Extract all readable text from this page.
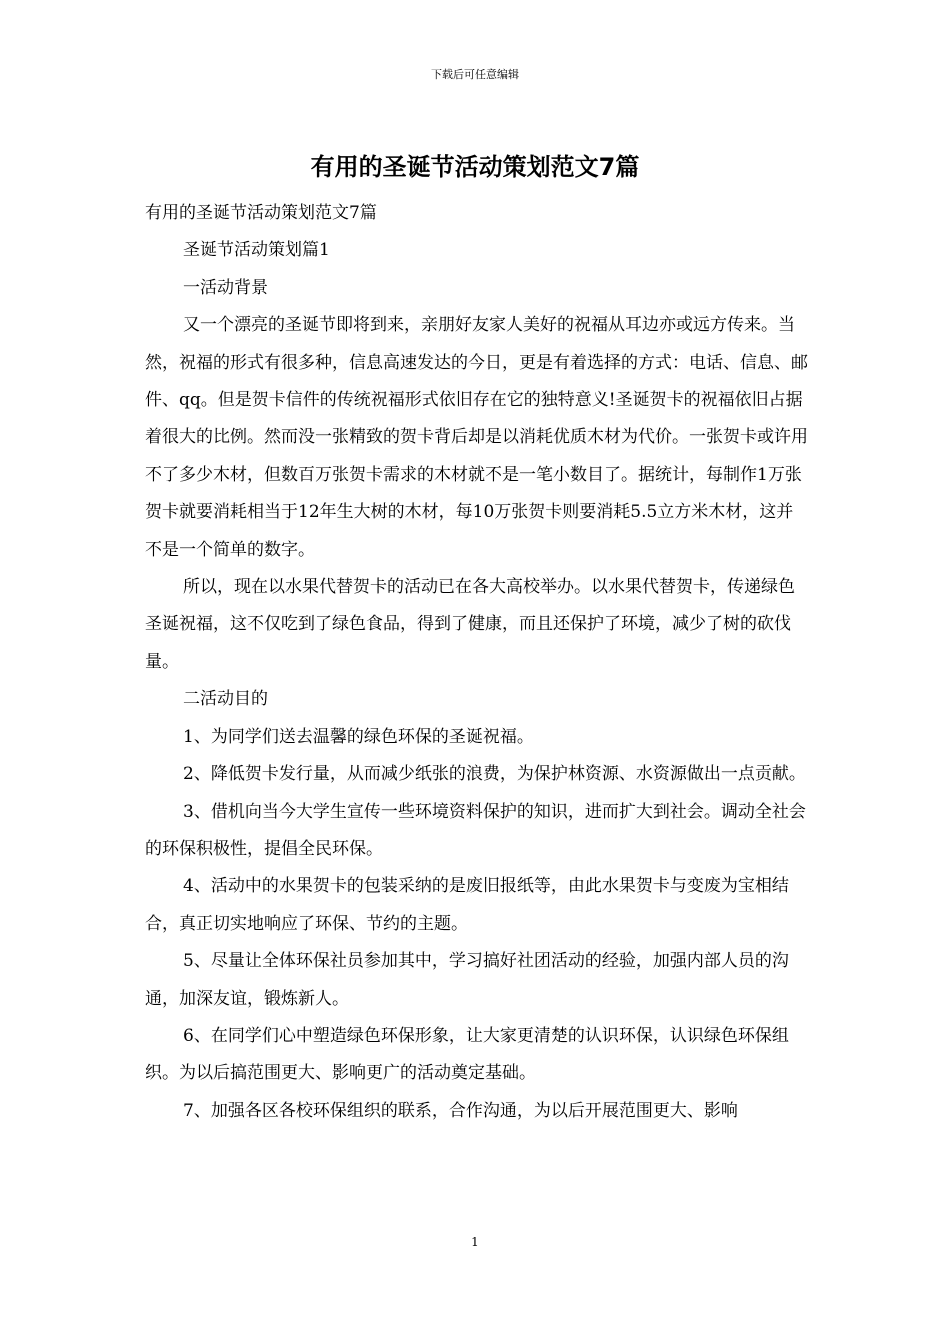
下载后可任意编辑
有用的圣诞节活动策划范文7篇

有用的圣诞节活动策划范文7篇

圣诞节活动策划篇1

一活动背景

又一个漂亮的圣诞节即将到来，亲朋好友家人美好的祝福从耳边亦或远方传来。当然，祝福的形式有很多种，信息高速发达的今日，更是有着选择的方式：电话、信息、邮件、qq。但是贺卡信件的传统祝福形式依旧存在它的独特意义!圣诞贺卡的祝福依旧占据着很大的比例。然而没一张精致的贺卡背后却是以消耗优质木材为代价。一张贺卡或许用不了多少木材，但数百万张贺卡需求的木材就不是一笔小数目了。据统计，每制作1万张贺卡就要消耗相当于12年生大树的木材，每10万张贺卡则要消耗5.5立方米木材，这并不是一个简单的数字。

所以，现在以水果代替贺卡的活动已在各大高校举办。以水果代替贺卡，传递绿色圣诞祝福，这不仅吃到了绿色食品，得到了健康，而且还保护了环境，减少了树的砍伐量。

二活动目的

1、为同学们送去温馨的绿色环保的圣诞祝福。

2、降低贺卡发行量，从而减少纸张的浪费，为保护林资源、水资源做出一点贡献。

3、借机向当今大学生宣传一些环境资料保护的知识，进而扩大到社会。调动全社会的环保积极性，提倡全民环保。

4、活动中的水果贺卡的包装采纳的是废旧报纸等，由此水果贺卡与变废为宝相结合，真正切实地响应了环保、节约的主题。

5、尽量让全体环保社员参加其中，学习搞好社团活动的经验，加强内部人员的沟通，加深友谊，锻炼新人。

6、在同学们心中塑造绿色环保形象，让大家更清楚的认识环保，认识绿色环保组织。为以后搞范围更大、影响更广的活动奠定基础。

7、加强各区各校环保组织的联系，合作沟通，为以后开展范围更大、影响

1
